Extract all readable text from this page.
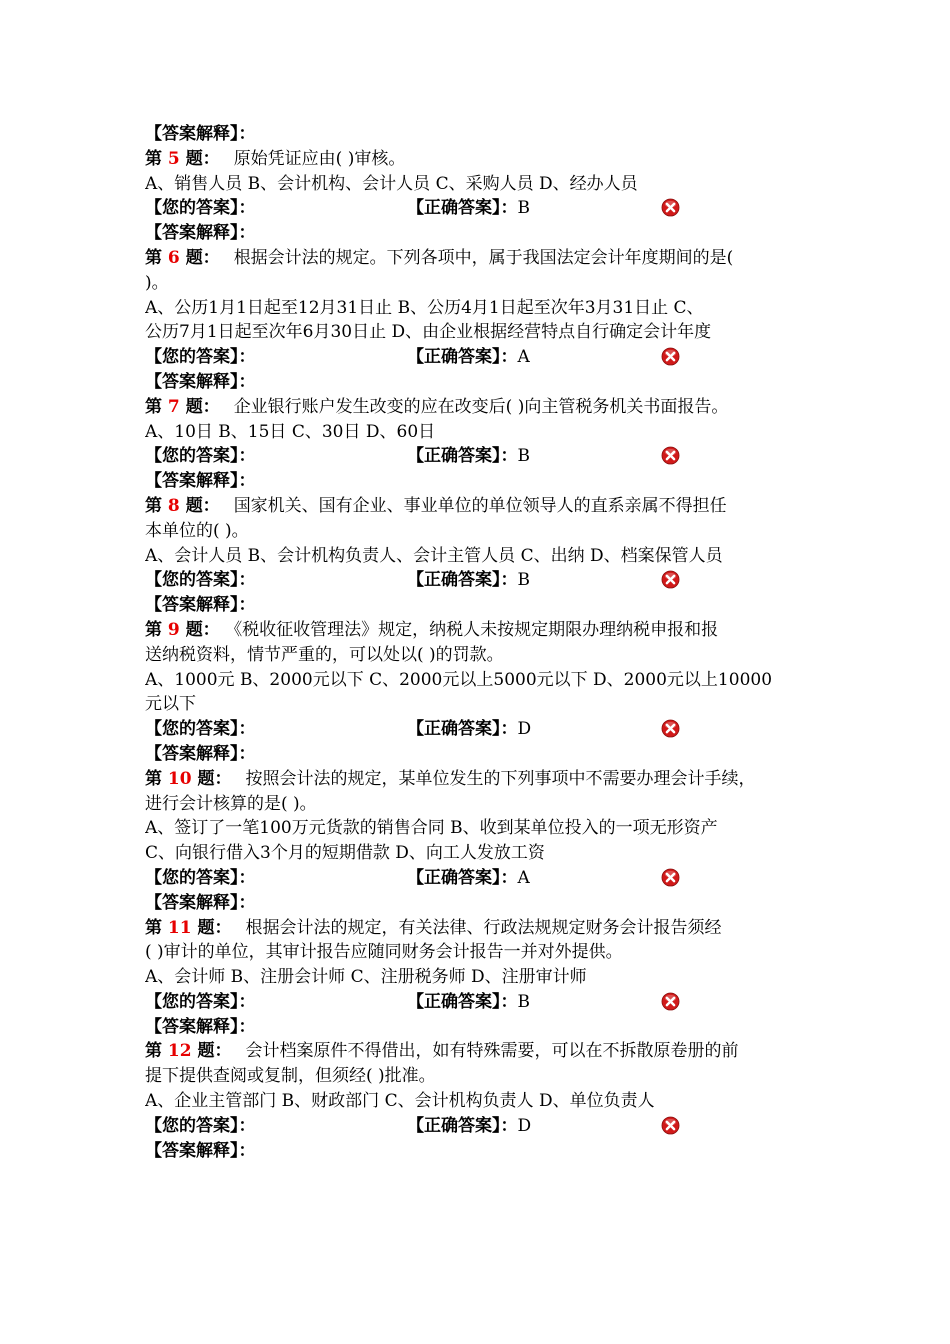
【答案解释】：
第 5 题： 原始凭证应由( )审核。
A、销售人员 B、会计机构、会计人员 C、采购人员 D、经办人员
【您的答案】：	【正确答案】：B
【答案解释】：
第 6 题： 根据会计法的规定。下列各项中，属于我国法定会计年度期间的是(
)。
A、公历1月1日起至12月31日止 B、公历4月1日起至次年3月31日止 C、
公历7月1日起至次年6月30日止 D、由企业根据经营特点自行确定会计年度
【您的答案】：	【正确答案】：A
【答案解释】：
第 7 题： 企业银行账户发生改变的应在改变后( )向主管税务机关书面报告。
A、10日 B、15日 C、30日 D、60日
【您的答案】：	【正确答案】：B
【答案解释】：
第 8 题： 国家机关、国有企业、事业单位的单位领导人的直系亲属不得担任
本单位的( )。
A、会计人员 B、会计机构负责人、会计主管人员 C、出纳 D、档案保管人员
【您的答案】：	【正确答案】：B
【答案解释】：
第 9 题： 《税收征收管理法》规定，纳税人未按规定期限办理纳税申报和报
送纳税资料，情节严重的，可以处以( )的罚款。
A、1000元 B、2000元以下 C、2000元以上5000元以下 D、2000元以上10000
元以下
【您的答案】：	【正确答案】：D
【答案解释】：
第 10 题： 按照会计法的规定，某单位发生的下列事项中不需要办理会计手续，
进行会计核算的是( )。
A、签订了一笔100万元货款的销售合同 B、收到某单位投入的一项无形资产
C、向银行借入3个月的短期借款 D、向工人发放工资
【您的答案】：	【正确答案】：A
【答案解释】：
第 11 题： 根据会计法的规定，有关法律、行政法规规定财务会计报告须经
( )审计的单位，其审计报告应随同财务会计报告一并对外提供。
A、会计师 B、注册会计师 C、注册税务师 D、注册审计师
【您的答案】：	【正确答案】：B
【答案解释】：
第 12 题： 会计档案原件不得借出，如有特殊需要，可以在不拆散原卷册的前
提下提供查阅或复制，但须经( )批准。
A、企业主管部门 B、财政部门 C、会计机构负责人 D、单位负责人
【您的答案】：	【正确答案】：D
【答案解释】：
